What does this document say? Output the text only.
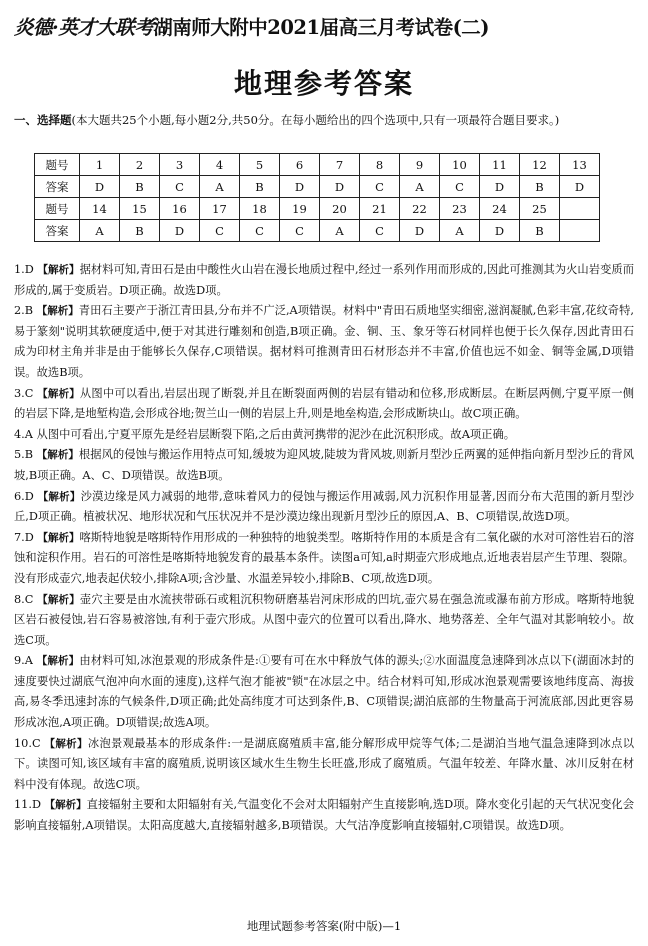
炎德·英才大联考湖南师大附中2021届高三月考试卷(二)
地理参考答案
一、选择题(本大题共25个小题,每小题2分,共50分。在每小题给出的四个选项中,只有一项最符合题目要求。)
题号	1	2	3	4	5	6	7	8	9	10	11	12	13
答案	D	B	C	A	B	D	D	C	A	C	D	B	D
题号	14	15	16	17	18	19	20	21	22	23	24	25	
答案	A	B	D	C	C	C	A	C	D	A	D	B	
1.D 【解析】据材料可知,青田石是由中酸性火山岩在漫长地质过程中,经过一系列作用而形成的,因此可推测其为火山岩变质而形成的,属于变质岩。D项正确。故选D项。
2.B 【解析】青田石主要产于浙江青田县,分布并不广泛,A项错误。材料中"青田石质地坚实细密,滋润凝腻,色彩丰富,花纹奇特,易于篆刻"说明其软硬度适中,便于对其进行雕刻和创造,B项正确。金、铜、玉、象牙等石材同样也便于长久保存,因此青田石成为印材主角并非是由于能够长久保存,C项错误。据材料可推测青田石材形态并不丰富,价值也远不如金、铜等金属,D项错误。故选B项。
3.C 【解析】从图中可以看出,岩层出现了断裂,并且在断裂面两侧的岩层有错动和位移,形成断层。在断层两侧,宁夏平原一侧的岩层下降,是地堑构造,会形成谷地;贺兰山一侧的岩层上升,则是地垒构造,会形成断块山。故C项正确。
4.A 从图中可看出,宁夏平原先是经岩层断裂下陷,之后由黄河携带的泥沙在此沉积形成。故A项正确。
5.B 【解析】根据风的侵蚀与搬运作用特点可知,缓坡为迎风坡,陡坡为背风坡,则新月型沙丘两翼的延伸指向新月型沙丘的背风坡,B项正确。A、C、D项错误。故选B项。
6.D 【解析】沙漠边缘是风力减弱的地带,意味着风力的侵蚀与搬运作用减弱,风力沉积作用显著,因而分布大范围的新月型沙丘,D项正确。植被状况、地形状况和气压状况并不是沙漠边缘出现新月型沙丘的原因,A、B、C项错误,故选D项。
7.D 【解析】喀斯特地貌是喀斯特作用形成的一种独特的地貌类型。喀斯特作用的本质是含有二氧化碳的水对可溶性岩石的溶蚀和淀积作用。岩石的可溶性是喀斯特地貌发育的最基本条件。读图a可知,a时期壶穴形成地点,近地表岩层产生节理、裂隙。没有形成壶穴,地表起伏较小,排除A项;含沙量、水温差异较小,排除B、C项,故选D项。
8.C 【解析】壶穴主要是由水流挟带砾石或粗沉积物研磨基岩河床形成的凹坑,壶穴易在强急流或瀑布前方形成。喀斯特地貌区岩石被侵蚀,岩石容易被溶蚀,有利于壶穴形成。从图中壶穴的位置可以看出,降水、地势落差、全年气温对其影响较小。故选C项。
9.A 【解析】由材料可知,冰泡景观的形成条件是:①要有可在水中释放气体的源头;②水面温度急速降到冰点以下(湖面冰封的速度要快过湖底气泡冲向水面的速度),这样气泡才能被"锁"在冰层之中。结合材料可知,形成冰泡景观需要该地纬度高、海拔高,易冬季迅速封冻的气候条件,D项正确;此处高纬度才可达到条件,B、C项错误;湖泊底部的生物量高于河流底部,因此更容易形成冰泡,A项正确。D项错误;故选A项。
10.C 【解析】冰泡景观最基本的形成条件:一是湖底腐殖质丰富,能分解形成甲烷等气体;二是湖泊当地气温急速降到冰点以下。读图可知,该区域有丰富的腐殖质,说明该区域水生生物生长旺盛,形成了腐殖质。气温年较差、年降水量、冰川反射在材料中没有体现。故选C项。
11.D 【解析】直接辐射主要和太阳辐射有关,气温变化不会对太阳辐射产生直接影响,选D项。降水变化引起的天气状况变化会影响直接辐射,A项错误。太阳高度越大,直接辐射越多,B项错误。大气洁净度影响直接辐射,C项错误。故选D项。
地理试题参考答案(附中版)—1
